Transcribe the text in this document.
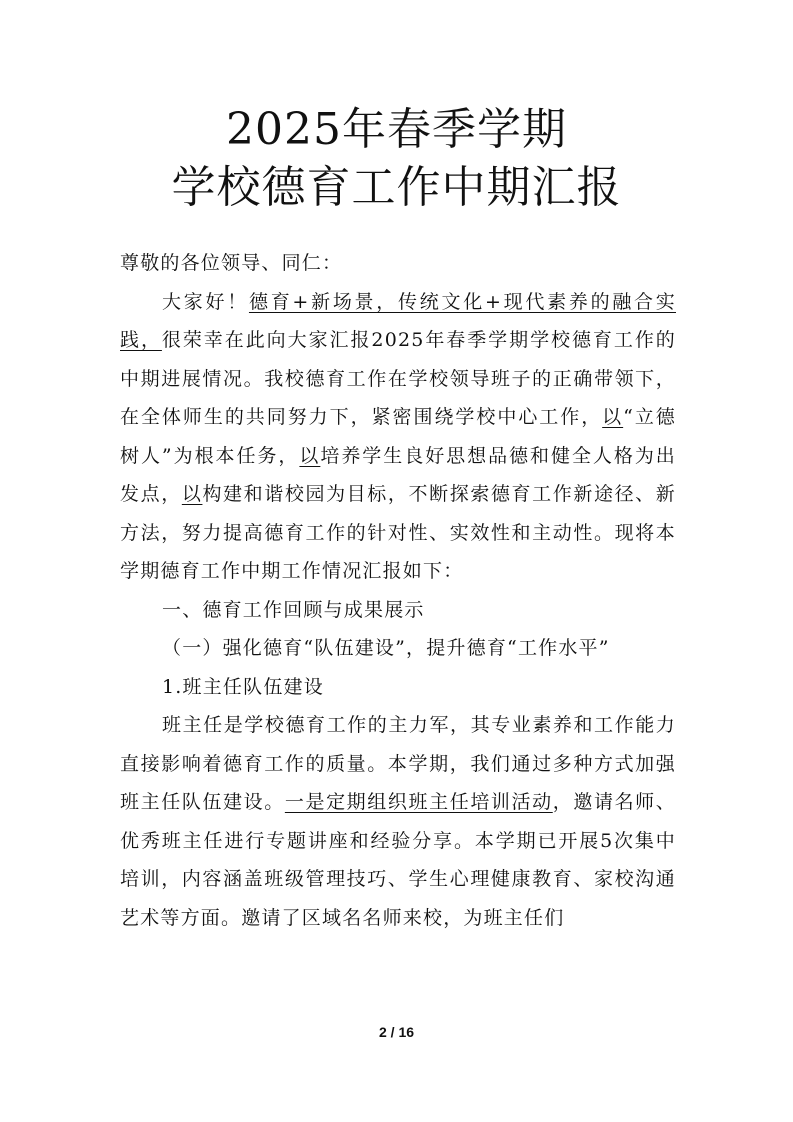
2025年春季学期
学校德育工作中期汇报

尊敬的各位领导、同仁：

大家好！德育+新场景，传统文化+现代素养的融合实践，很荣幸在此向大家汇报2025年春季学期学校德育工作的中期进展情况。我校德育工作在学校领导班子的正确带领下，在全体师生的共同努力下，紧密围绕学校中心工作，以“立德树人”为根本任务，以培养学生良好思想品德和健全人格为出发点，以构建和谐校园为目标，不断探索德育工作新途径、新方法，努力提高德育工作的针对性、实效性和主动性。现将本学期德育工作中期工作情况汇报如下：

一、德育工作回顾与成果展示

（一）强化德育“队伍建设”，提升德育“工作水平”

1.班主任队伍建设

班主任是学校德育工作的主力军，其专业素养和工作能力直接影响着德育工作的质量。本学期，我们通过多种方式加强班主任队伍建设。一是定期组织班主任培训活动，邀请名师、优秀班主任进行专题讲座和经验分享。本学期已开展5次集中培训，内容涵盖班级管理技巧、学生心理健康教育、家校沟通艺术等方面。邀请了区域名名师来校，为班主任们

2 / 16
